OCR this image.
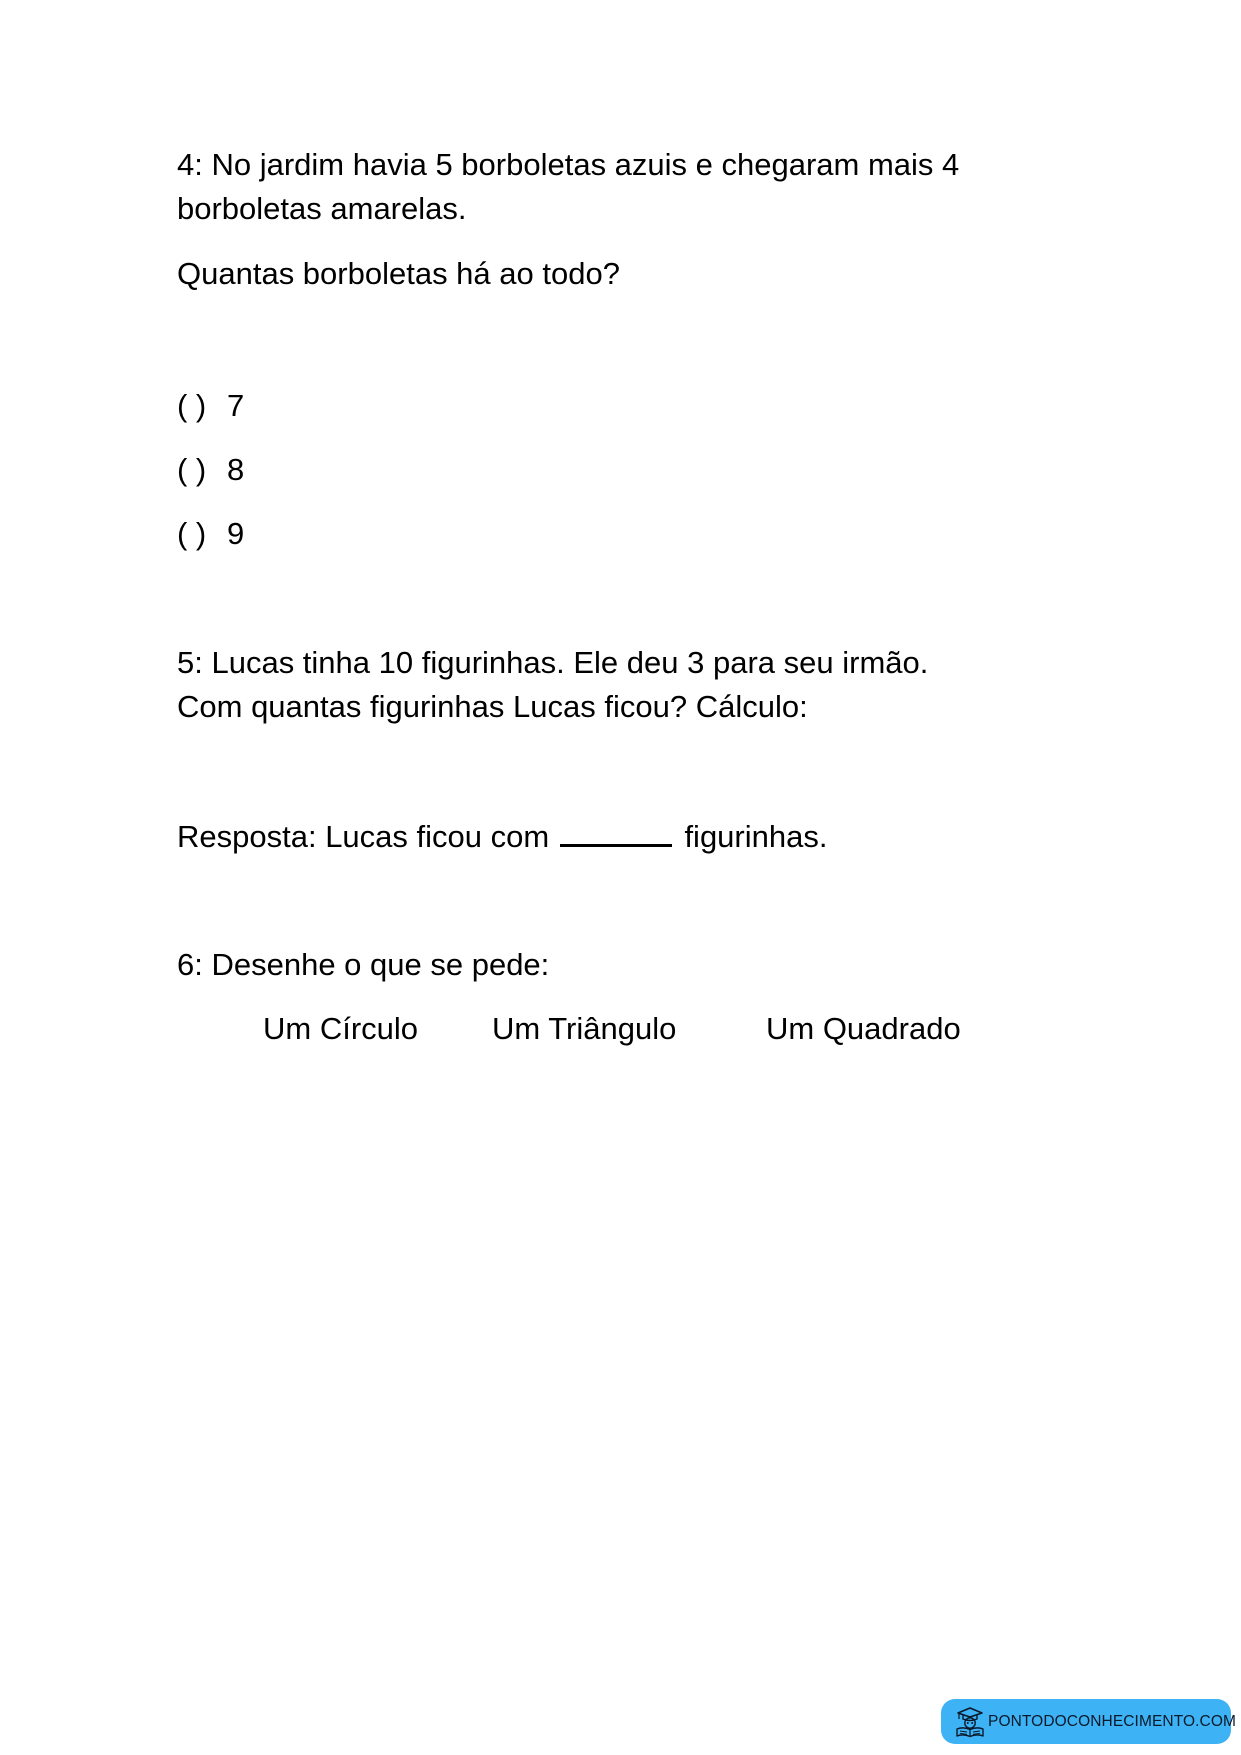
4: No jardim havia 5 borboletas azuis e chegaram mais 4
borboletas amarelas.
Quantas borboletas há ao todo?
( ) 7
( ) 8
( ) 9
5: Lucas tinha 10 figurinhas. Ele deu 3 para seu irmão.
Com quantas figurinhas Lucas ficou? Cálculo:
Resposta: Lucas ficou com	figurinhas.
6: Desenhe o que se pede:
Um Círculo Um Triângulo	Um Quadrado
PONTODOCONHECIMENTO.COM
